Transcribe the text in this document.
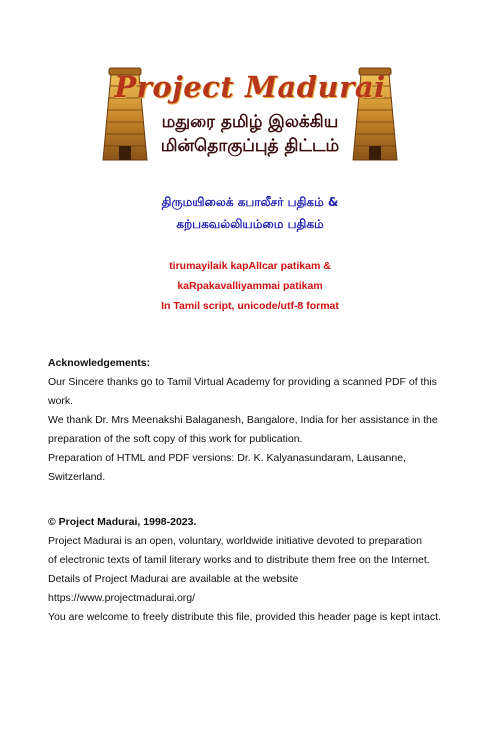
Project Madurai
மதுரை தமிழ் இலக்கிய
மின்தொகுப்புத் திட்டம்
திருமயிலைக் கபாலீசர் பதிகம் &
கற்பகவல்லியம்மை பதிகம்
tirumayilaik kapAlIcar patikam &
kaRpakavalliyammai patikam
In Tamil script, unicode/utf-8 format

Acknowledgements:

Our Sincere thanks go to Tamil Virtual Academy for providing a scanned PDF of this

work.

We thank Dr. Mrs Meenakshi Balaganesh, Bangalore, India for her assistance in the

preparation of the soft copy of this work for publication.

Preparation of HTML and PDF versions: Dr. K. Kalyanasundaram, Lausanne,

Switzerland.

© Project Madurai, 1998-2023.

Project Madurai is an open, voluntary, worldwide initiative devoted to preparation

of electronic texts of tamil literary works and to distribute them free on the Internet.

Details of Project Madurai are available at the website

https://www.projectmadurai.org/

You are welcome to freely distribute this file, provided this header page is kept intact.
